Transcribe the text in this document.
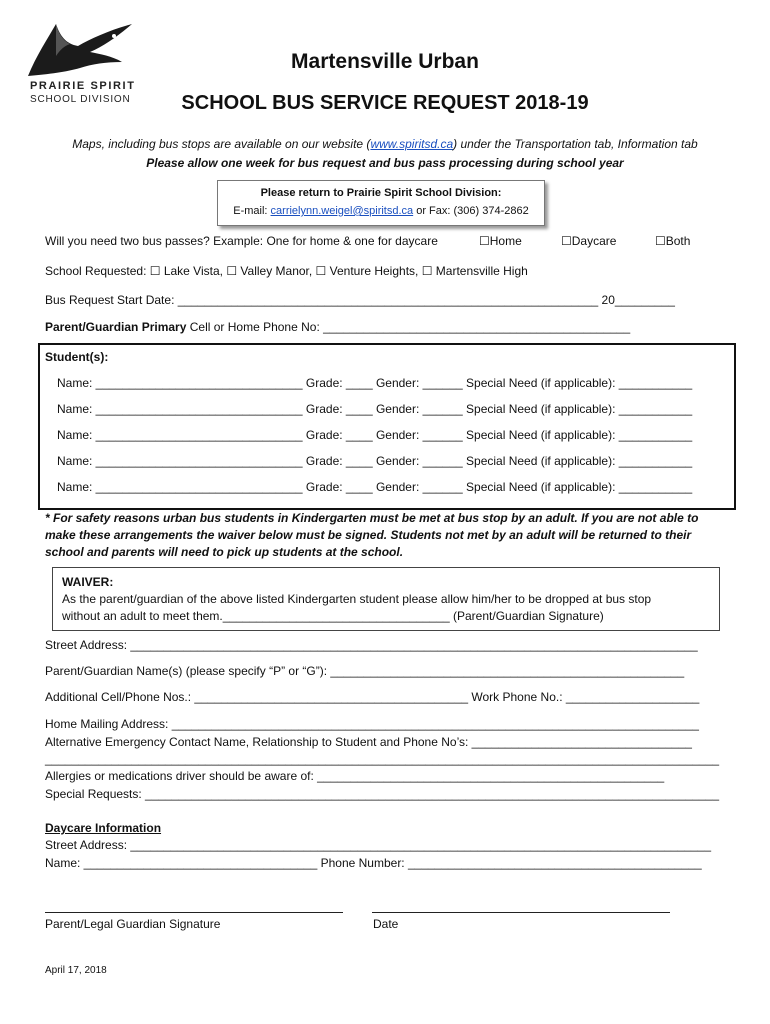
PRAIRIE SPIRIT
SCHOOL DIVISION
Martensville Urban
SCHOOL BUS SERVICE REQUEST 2018-19
Maps, including bus stops are available on our website (www.spiritsd.ca) under the Transportation tab, Information tab
Please allow one week for bus request and bus pass processing during school year
Please return to Prairie Spirit School Division:
E-mail: carrielynn.weigel@spiritsd.ca or Fax: (306) 374-2862
Will you need two bus passes? Example: One for home & one for daycare	☐Home	☐Daycare	☐Both
School Requested: ☐ Lake Vista, ☐ Valley Manor, ☐ Venture Heights, ☐ Martensville High
Bus Request Start Date: _______________________________________________________________ 20_________
Parent/Guardian Primary Cell or Home Phone No: ______________________________________________
Student(s):
Name: _______________________________ Grade: ____ Gender: ______ Special Need (if applicable): ___________
Name: _______________________________ Grade: ____ Gender: ______ Special Need (if applicable): ___________
Name: _______________________________ Grade: ____ Gender: ______ Special Need (if applicable): ___________
Name: _______________________________ Grade: ____ Gender: ______ Special Need (if applicable): ___________
Name: _______________________________ Grade: ____ Gender: ______ Special Need (if applicable): ___________
* For safety reasons urban bus students in Kindergarten must be met at bus stop by an adult. If you are not able to
make these arrangements the waiver below must be signed. Students not met by an adult will be returned to their
school and parents will need to pick up students at the school.
WAIVER:
As the parent/guardian of the above listed Kindergarten student please allow him/her to be dropped at bus stop
without an adult to meet them.__________________________________ (Parent/Guardian Signature)
Street Address: _____________________________________________________________________________________
Parent/Guardian Name(s) (please specify “P” or “G”): _____________________________________________________
Additional Cell/Phone Nos.: _________________________________________ Work Phone No.: ____________________
Home Mailing Address: _______________________________________________________________________________
Alternative Emergency Contact Name, Relationship to Student and Phone No’s: _________________________________
_____________________________________________________________________________________________________
Allergies or medications driver should be aware of: ____________________________________________________
Special Requests: ______________________________________________________________________________________
Daycare Information
Street Address: _______________________________________________________________________________________
Name: ___________________________________ Phone Number: ____________________________________________
Parent/Legal Guardian Signature	Date
April 17, 2018
